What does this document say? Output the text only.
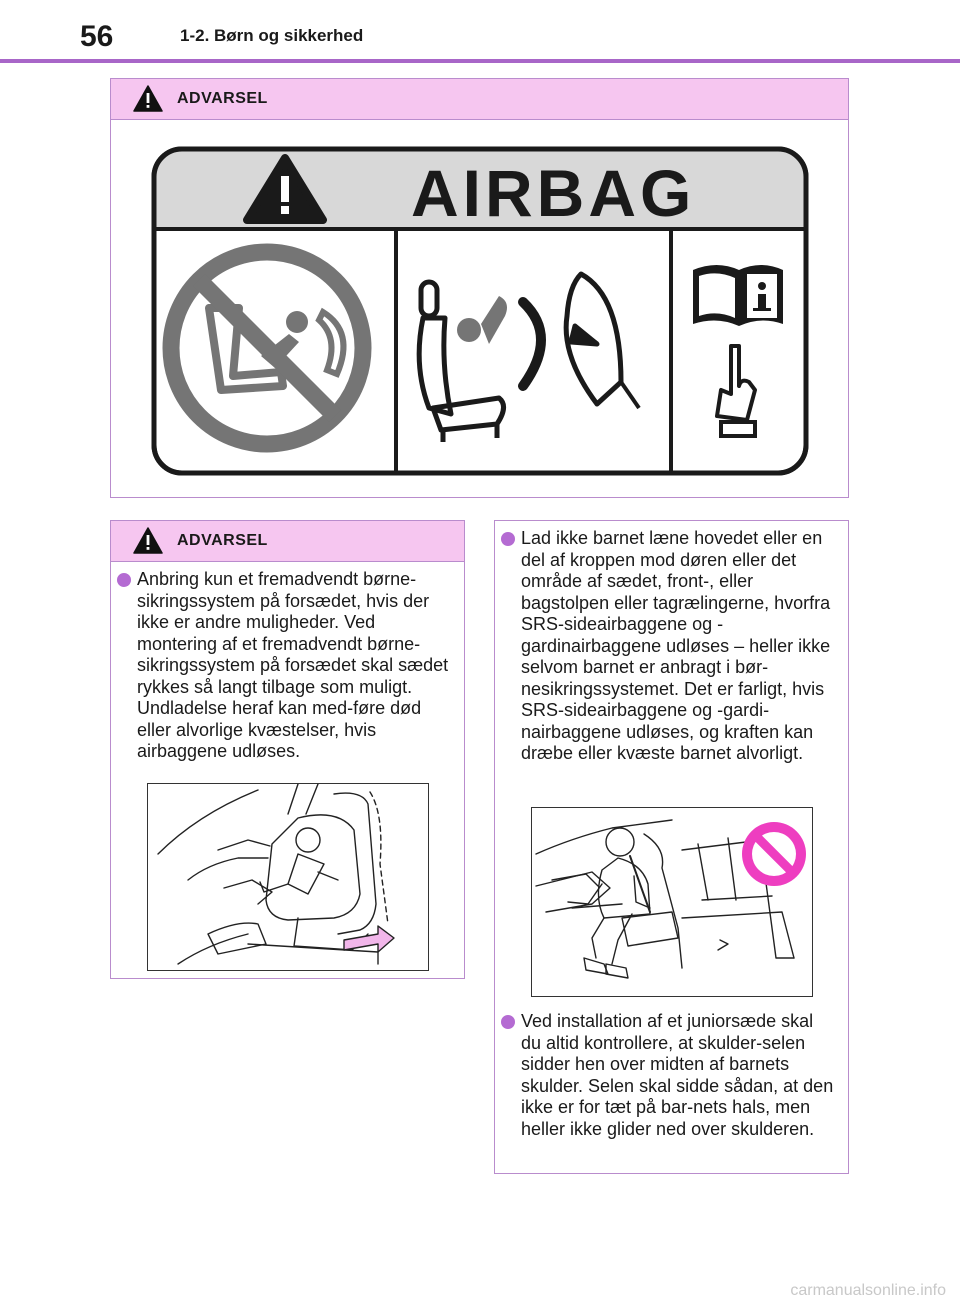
56	1-2. Børn og sikkerhed
ADVARSEL
AIRBAG
ADVARSEL

Anbring kun et fremadvendt børne-sikringssystem på forsædet, hvis der ikke er andre muligheder. Ved montering af et fremadvendt børne-sikringssystem på forsædet skal sædet rykkes så langt tilbage som muligt. Undladelse heraf kan med-føre død eller alvorlige kvæstelser, hvis airbaggene udløses.

Lad ikke barnet læne hovedet eller en del af kroppen mod døren eller det område af sædet, front-, eller bagstolpen eller tagrælingerne, hvorfra SRS-sideairbaggene og -gardinairbaggene udløses – heller ikke selvom barnet er anbragt i bør-nesikringssystemet. Det er farligt, hvis SRS-sideairbaggene og -gardi-nairbaggene udløses, og kraften kan dræbe eller kvæste barnet alvorligt.

Ved installation af et juniorsæde skal du altid kontrollere, at skulder-selen sidder hen over midten af barnets skulder. Selen skal sidde sådan, at den ikke er for tæt på bar-nets hals, men heller ikke glider ned over skulderen.

carmanualsonline.info
